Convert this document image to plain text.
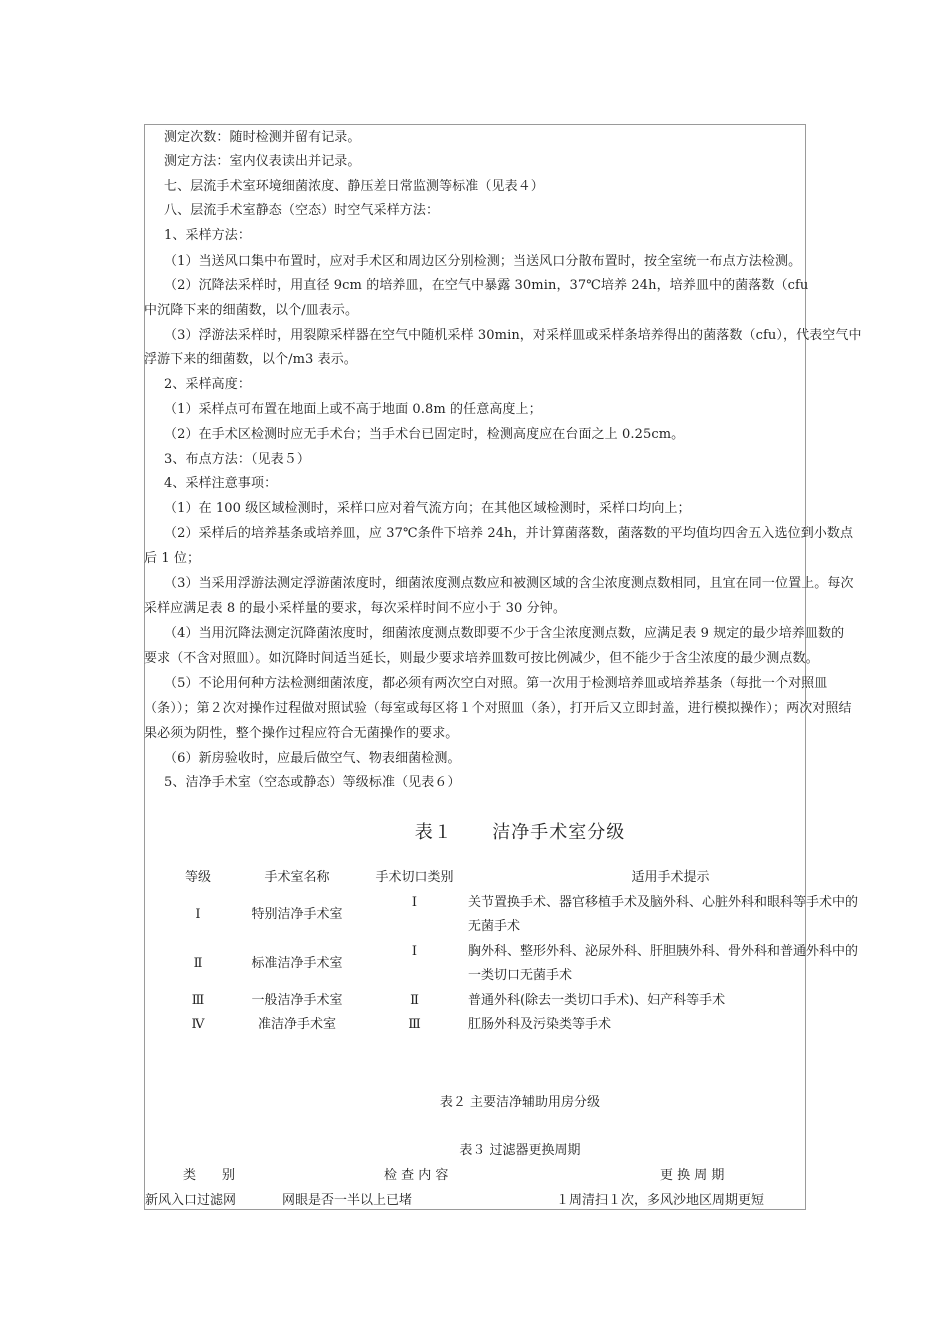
测定次数：随时检测并留有记录。
测定方法：室内仪表读出并记录。
七、层流手术室环境细菌浓度、静压差日常监测等标准（见表４）
八、层流手术室静态（空态）时空气采样方法：
1、采样方法：
（1）当送风口集中布置时，应对手术区和周边区分别检测；当送风口分散布置时，按全室统一布点方法检测。
（2）沉降法采样时，用直径 9cm 的培养皿，在空气中暴露 30min，37℃培养 24h，培养皿中的菌落数（cfu
中沉降下来的细菌数，以个/皿表示。
（3）浮游法采样时，用裂隙采样器在空气中随机采样 30min，对采样皿或采样条培养得出的菌落数（cfu），代表空气中
浮游下来的细菌数，以个/m3 表示。
2、采样高度：
（1）采样点可布置在地面上或不高于地面 0.8m 的任意高度上；
（2）在手术区检测时应无手术台；当手术台已固定时，检测高度应在台面之上 0.25cm。
3、布点方法：（见表５）
4、采样注意事项：
（1）在 100 级区域检测时，采样口应对着气流方向；在其他区域检测时，采样口均向上；
（2）采样后的培养基条或培养皿，应 37℃条件下培养 24h，并计算菌落数，菌落数的平均值均四舍五入选位到小数点
后 1 位；
（3）当采用浮游法测定浮游菌浓度时，细菌浓度测点数应和被测区域的含尘浓度测点数相同，且宜在同一位置上。每次
采样应满足表 8 的最小采样量的要求，每次采样时间不应小于 30 分钟。
（4）当用沉降法测定沉降菌浓度时，细菌浓度测点数即要不少于含尘浓度测点数，应满足表 9 规定的最少培养皿数的
要求（不含对照皿）。如沉降时间适当延长，则最少要求培养皿数可按比例减少，但不能少于含尘浓度的最少测点数。
（5）不论用何种方法检测细菌浓度，都必须有两次空白对照。第一次用于检测培养皿或培养基条（每批一个对照皿
（条））；第２次对操作过程做对照试验（每室或每区将１个对照皿（条），打开后又立即封盖，进行模拟操作）；两次对照结
果必须为阴性，整个操作过程应符合无菌操作的要求。
（6）新房验收时，应最后做空气、物表细菌检测。
5、洁净手术室（空态或静态）等级标准（见表６）
表１ 洁净手术室分级
等级	手术室名称	手术切口类别	适用手术提示
Ⅰ	特别洁净手术室	Ⅰ	关节置换手术、器官移植手术及脑外科、心脏外科和眼科等手术中的无菌手术
Ⅱ	标准洁净手术室	Ⅰ	胸外科、整形外科、泌尿外科、肝胆胰外科、骨外科和普通外科中的一类切口无菌手术
Ⅲ	一般洁净手术室	Ⅱ	普通外科(除去一类切口手术)、妇产科等手术
Ⅳ	准洁净手术室	Ⅲ	肛肠外科及污染类等手术
表２ 主要洁净辅助用房分级
表３ 过滤器更换周期
类　　别	检 查 内 容	更 换 周 期
新风入口过滤网	网眼是否一半以上已堵	１周清扫１次，多风沙地区周期更短
